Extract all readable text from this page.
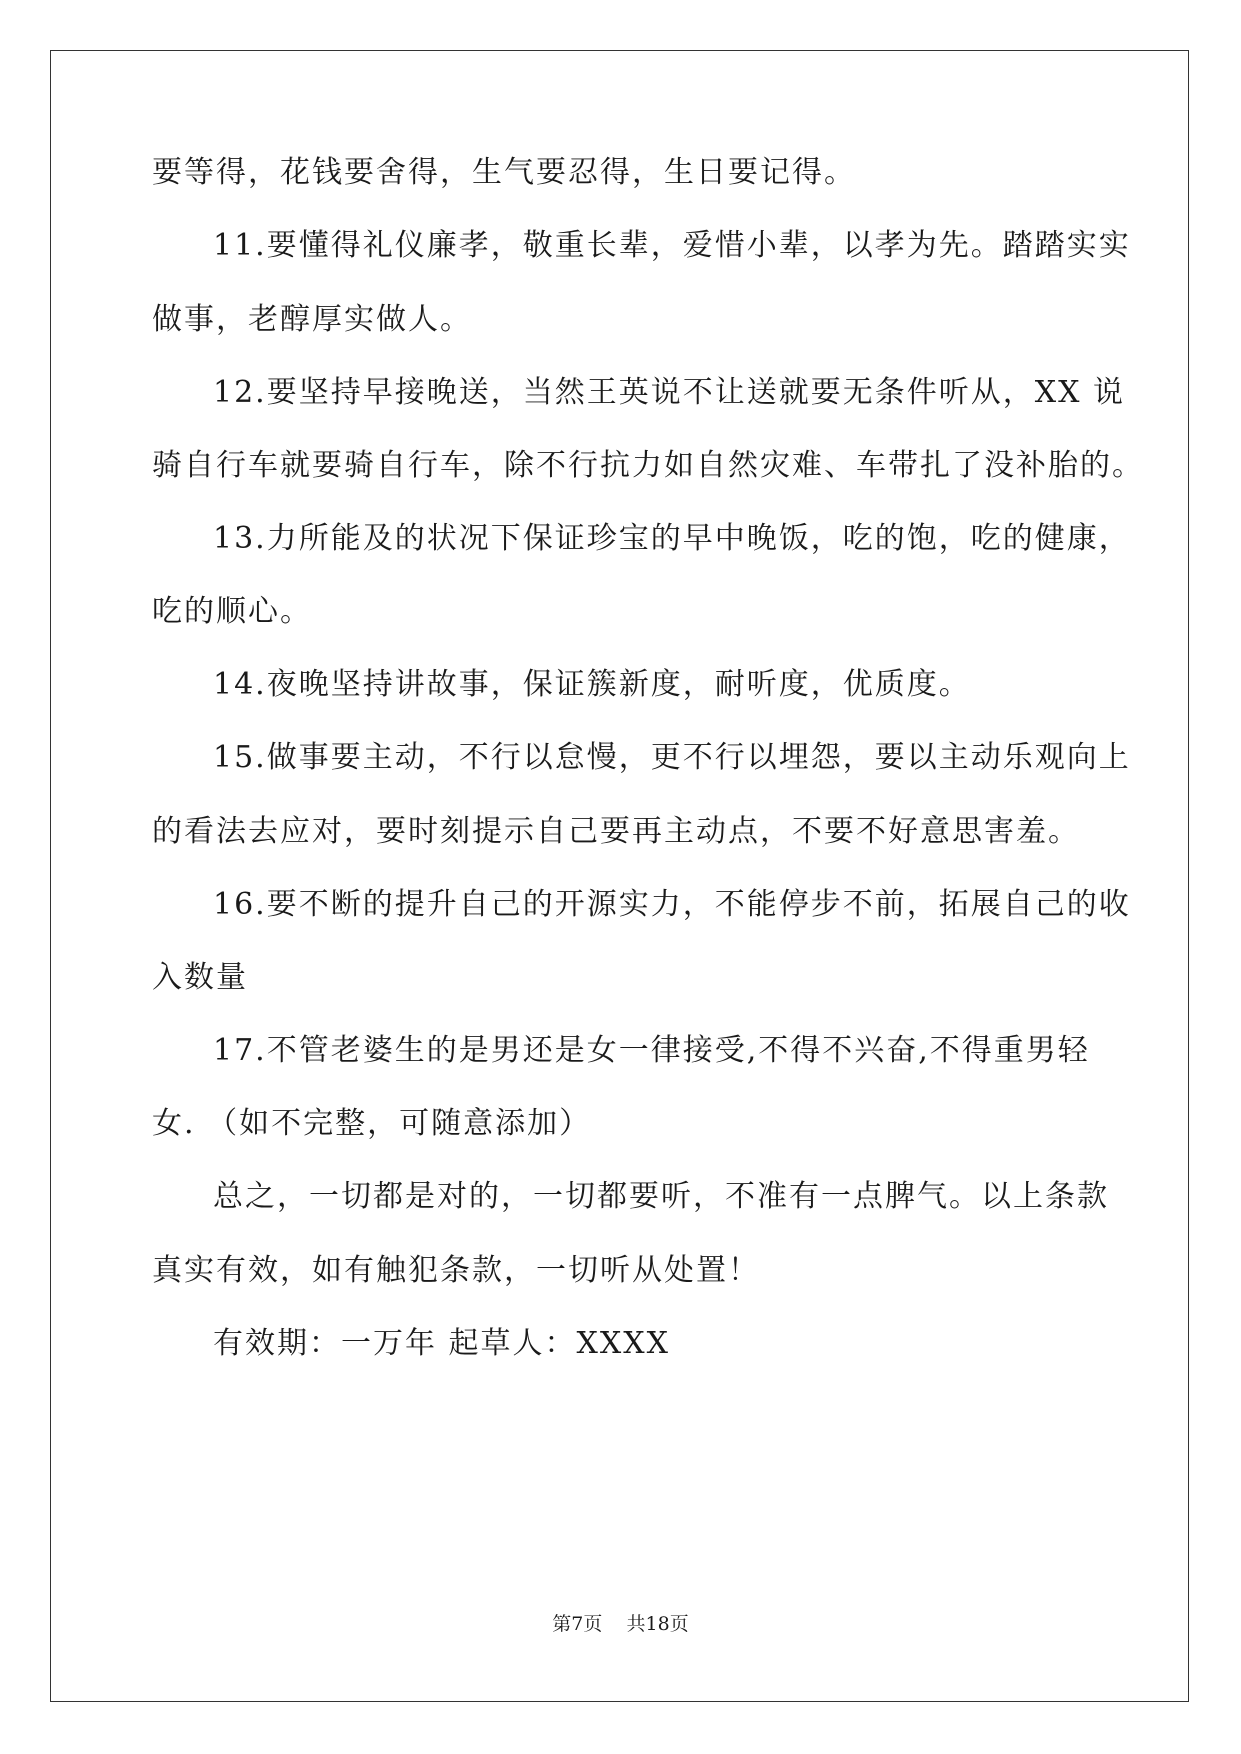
要等得，花钱要舍得，生气要忍得，生日要记得。
11.要懂得礼仪廉孝，敬重长辈，爱惜小辈，以孝为先。踏踏实实
做事，老醇厚实做人。
12.要坚持早接晚送，当然王英说不让送就要无条件听从，XX 说
骑自行车就要骑自行车，除不行抗力如自然灾难、车带扎了没补胎的。
13.力所能及的状况下保证珍宝的早中晚饭，吃的饱，吃的健康，
吃的顺心。
14.夜晚坚持讲故事，保证簇新度，耐听度，优质度。
15.做事要主动，不行以怠慢，更不行以埋怨，要以主动乐观向上
的看法去应对，要时刻提示自己要再主动点，不要不好意思害羞。
16.要不断的提升自己的开源实力，不能停步不前，拓展自己的收
入数量
17.不管老婆生的是男还是女一律接受,不得不兴奋,不得重男轻
女. （如不完整，可随意添加）
总之，一切都是对的，一切都要听，不准有一点脾气。以上条款
真实有效，如有触犯条款，一切听从处置！
有效期：一万年 起草人：XXXX
第7页    共18页
